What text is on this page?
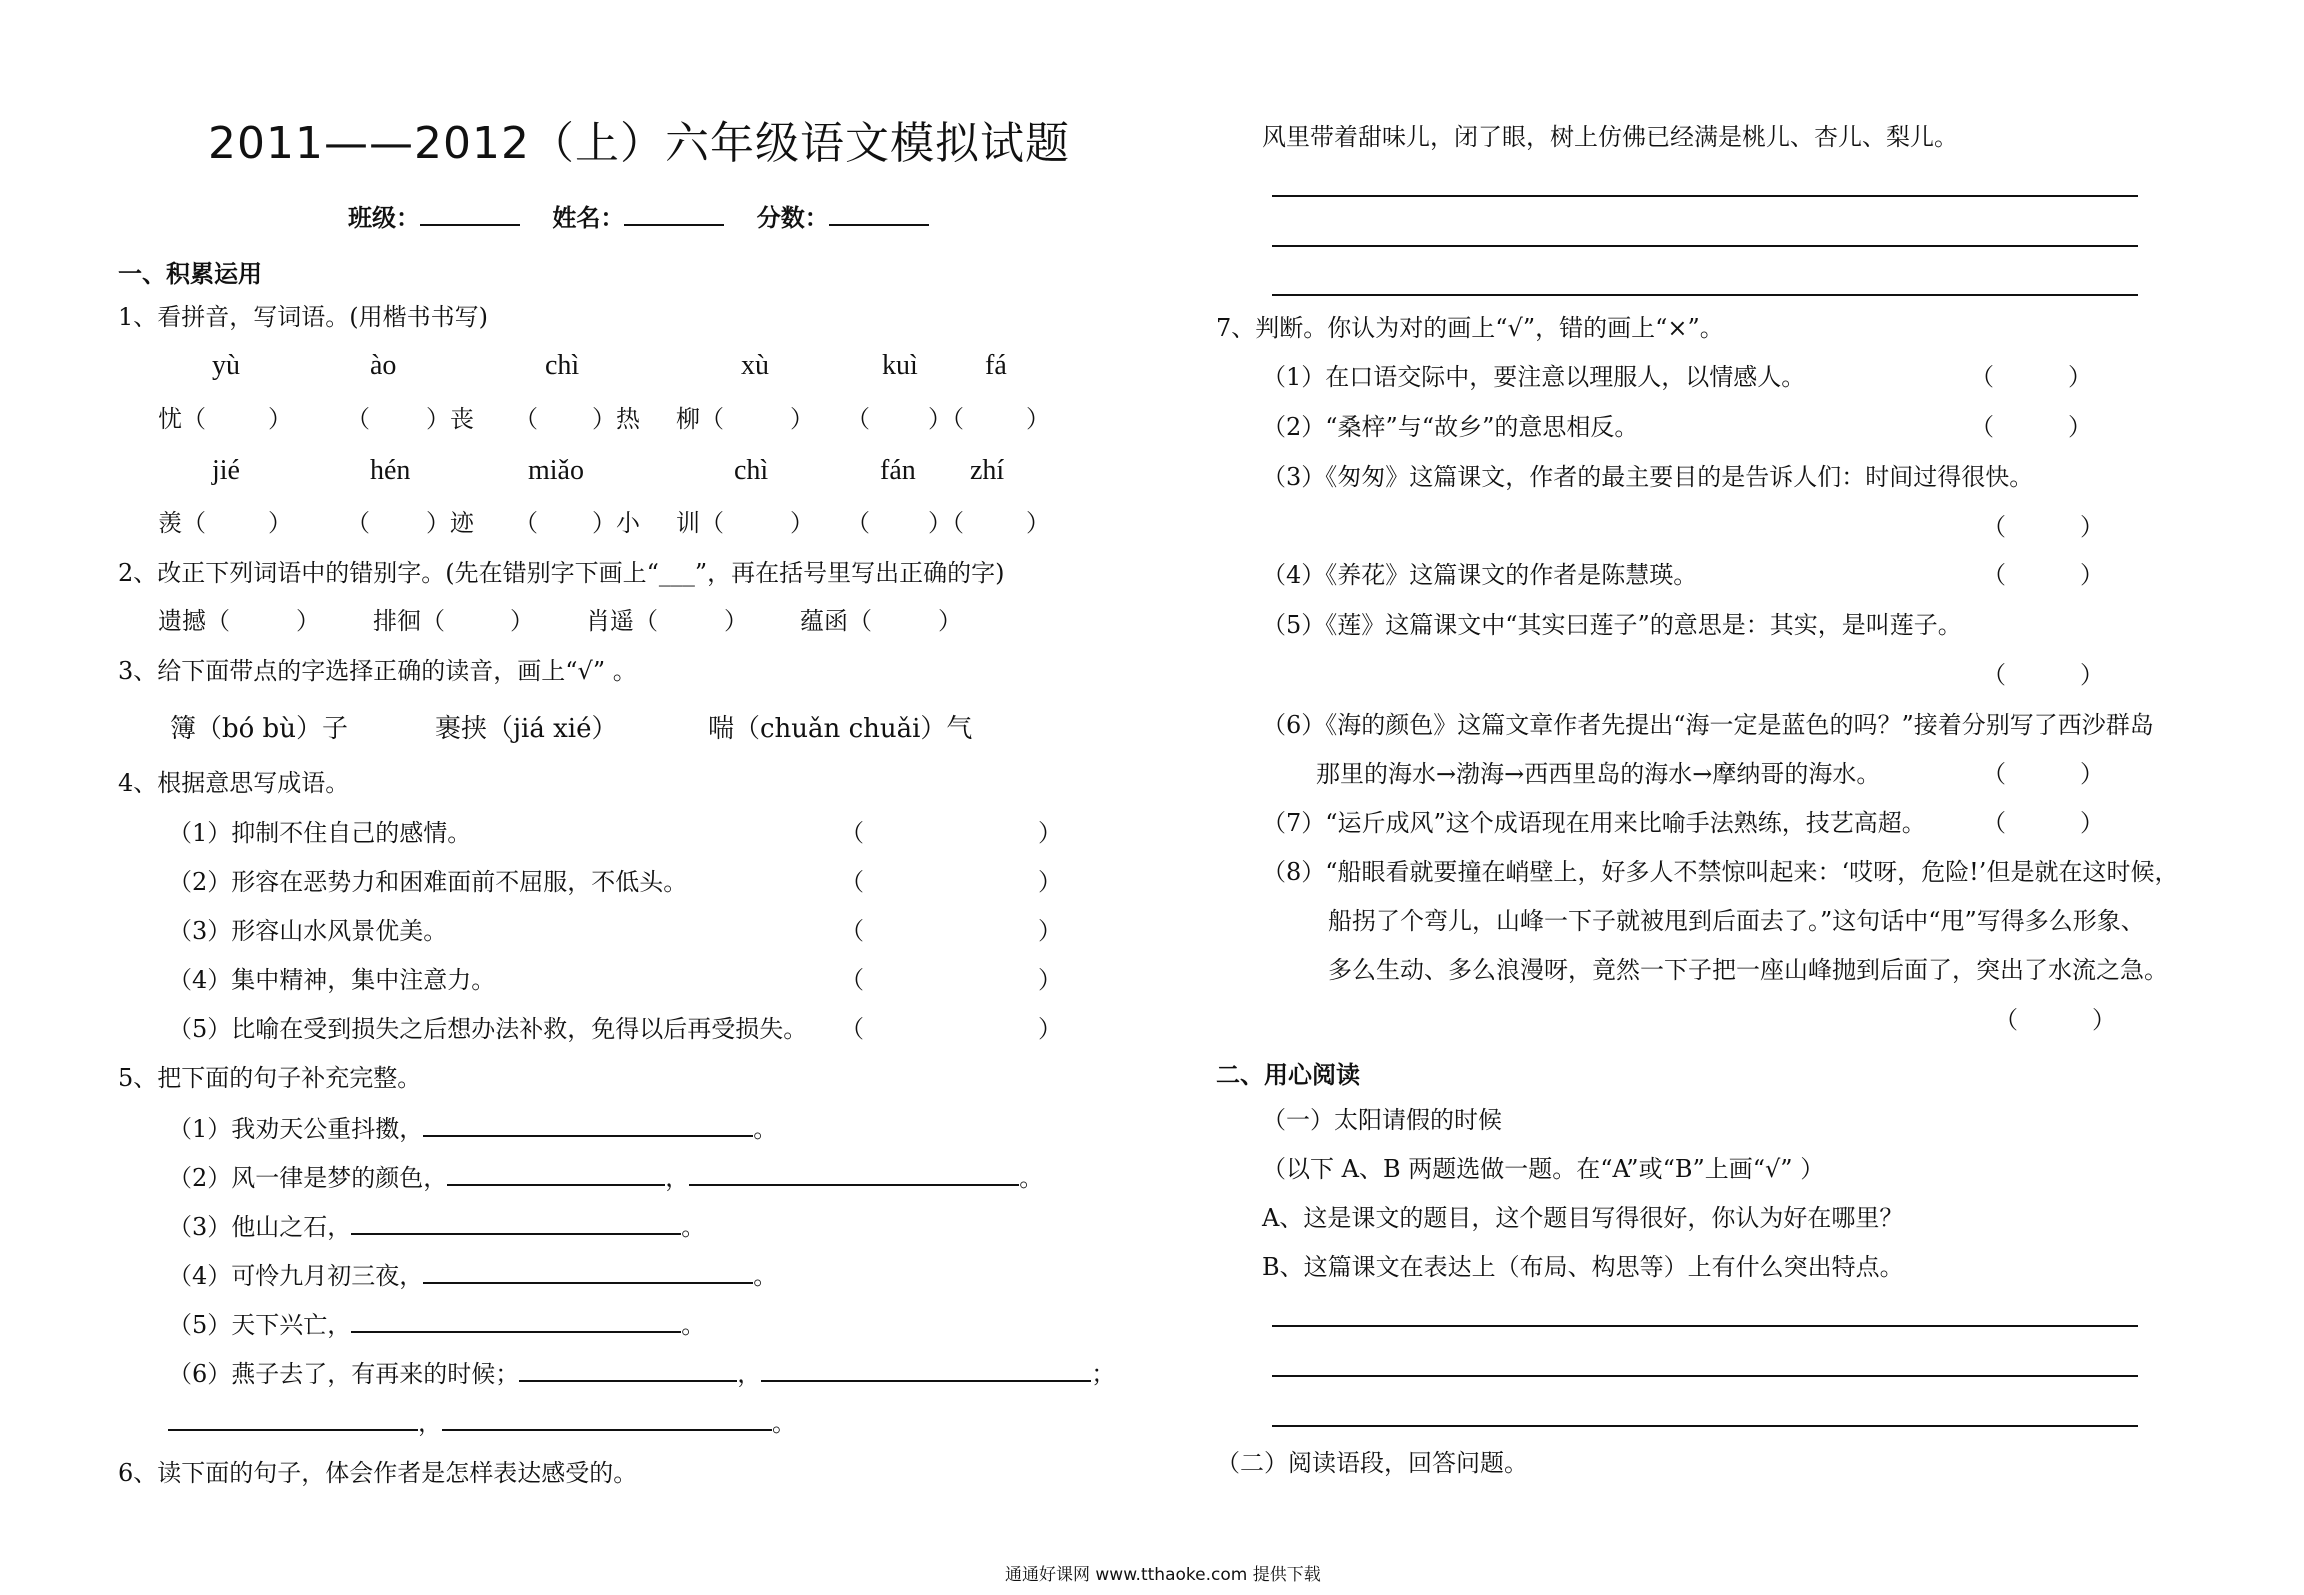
2011——2012（上）六年级语文模拟试题
班级：	姓名：	分数：
一、积累运用
1、看拼音，写词语。(用楷书书写)
yù	ào	chì	xù	kuì fá
忧（	） （ ）丧 （ ）热 柳（	） （ ）（	）
jié	hén	miǎo	chì	fán zhí
羡（	） （ ）迹 （ ）小 训（	） （ ）（	）
2、改正下列词语中的错别字。(先在错别字下画上“___”，再在括号里写出正确的字)
遗撼（	） 排徊（	） 肖遥（	） 蕴函（	）
3、给下面带点的字选择正确的读音，画上“√” 。
簿（bó bù）子	裹挟（jiá xié）	喘（chuǎn chuǎi）气
4、根据意思写成语。
（1）抑制不住自己的感情。	（	）
（2）形容在恶势力和困难面前不屈服，不低头。	（	）
（3）形容山水风景优美。	（	）
（4）集中精神，集中注意力。	（	）
（5）比喻在受到损失之后想办法补救，免得以后再受损失。 （	）
5、把下面的句子补充完整。
（1）我劝天公重抖擞，	。
（2）风一律是梦的颜色，	，	。
（3）他山之石，	。
（4）可怜九月初三夜，	。
（5）天下兴亡，	。
（6）燕子去了，有再来的时候；	，	；
，	。
6、读下面的句子，体会作者是怎样表达感受的。
风里带着甜味儿，闭了眼，树上仿佛已经满是桃儿、杏儿、梨儿。
7、判断。你认为对的画上“√”，错的画上“×”。
（1）在口语交际中，要注意以理服人，以情感人。	（	）
（2）“桑梓”与“故乡”的意思相反。	（	）
（3）《匆匆》这篇课文，作者的最主要目的是告诉人们：时间过得很快。
（	）
（4）《养花》这篇课文的作者是陈慧瑛。	（	）
（5）《莲》这篇课文中“其实曰莲子”的意思是：其实，是叫莲子。
（	）
（6）《海的颜色》这篇文章作者先提出“海一定是蓝色的吗？”接着分别写了西沙群岛
那里的海水→渤海→西西里岛的海水→摩纳哥的海水。	（	）
（7）“运斤成风”这个成语现在用来比喻手法熟练，技艺高超。 （	）
（8）“船眼看就要撞在峭壁上，好多人不禁惊叫起来：‘哎呀，危险!’但是就在这时候，
船拐了个弯儿，山峰一下子就被甩到后面去了。”这句话中“甩”写得多么形象、
多么生动、多么浪漫呀，竟然一下子把一座山峰抛到后面了，突出了水流之急。
（	）
二、用心阅读
（一）太阳请假的时候
（以下 A、B 两题选做一题。在“A”或“B”上画“√” ）
A、这是课文的题目，这个题目写得很好，你认为好在哪里？
B、这篇课文在表达上（布局、构思等）上有什么突出特点。
（二）阅读语段，回答问题。
通通好课网 www.tthaoke.com 提供下载
